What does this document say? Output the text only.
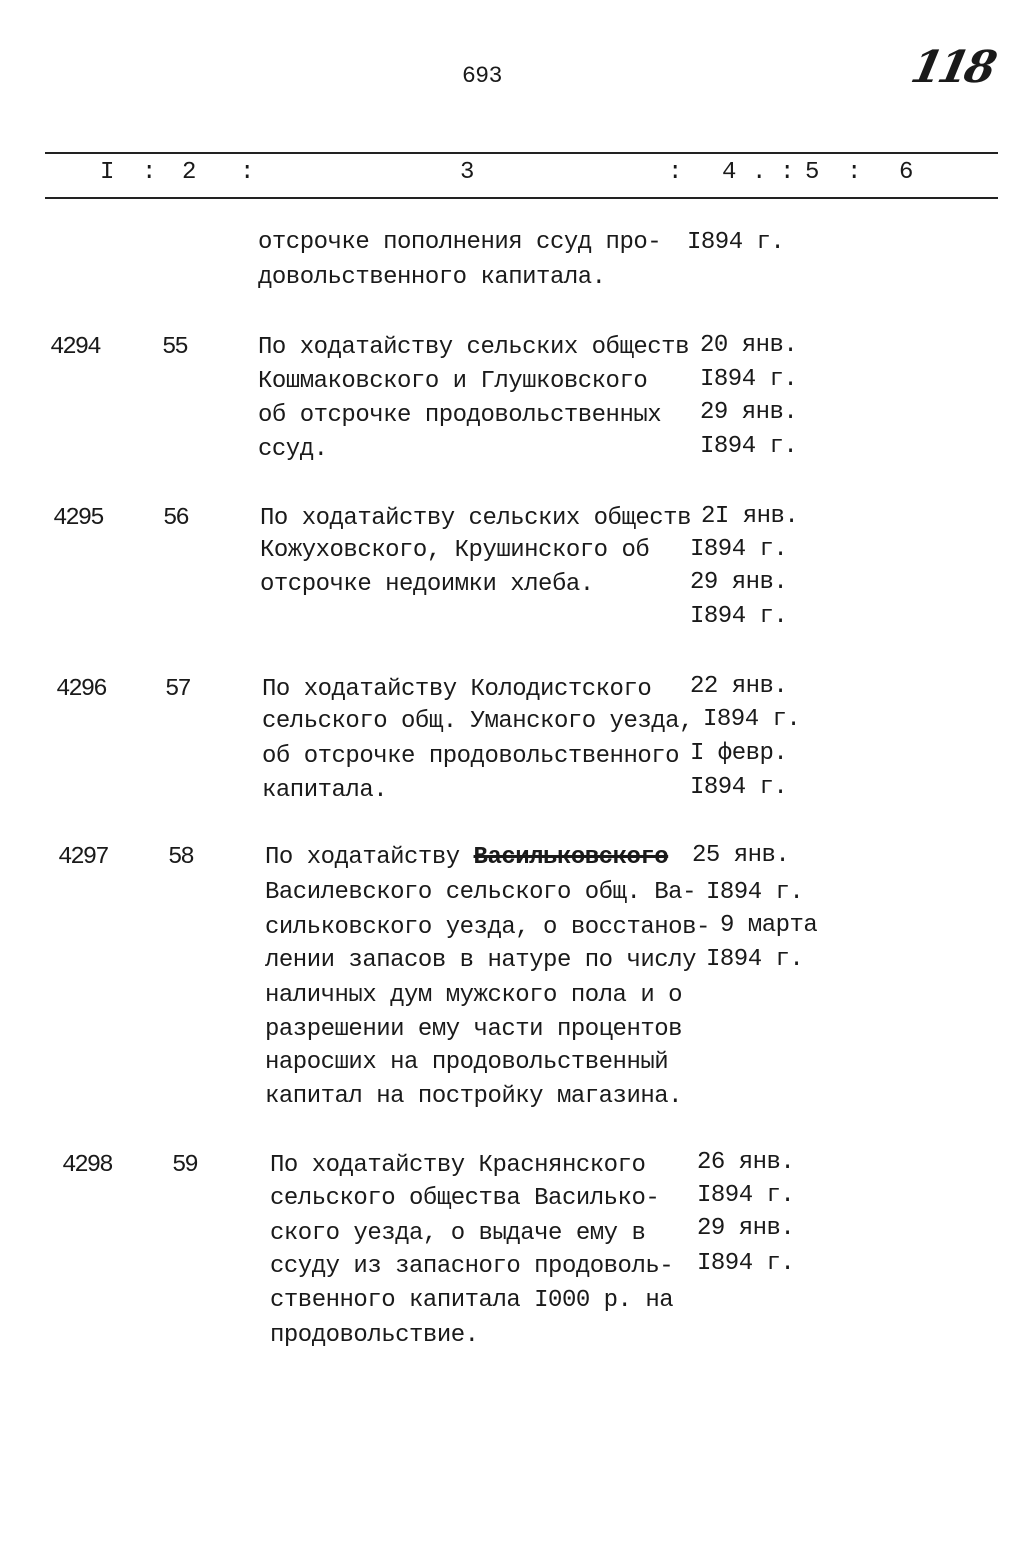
693	118
I : 2 :	3	: 4 . : 5 : 6
отсрочке пополнения ссуд про-
довольственного капитала.
I894 г.
4294	55	По ходатайству сельских обществ
Кошмаковского и Глушковского
об отсрочке продовольственных
ссуд.
20 янв.
I894 г.
29 янв.
I894 г.
4295	56	По ходатайству сельских обществ
Кожуховского, Крушинского об
отсрочке недоимки хлеба.
2I янв.
I894 г.
29 янв.
I894 г.
4296 57	По ходатайству Колодистского
сельского общ. Уманского уезда,
об отсрочке продовольственного
капитала.
22 янв.
I894 г.
I февр.
I894 г.
4297	58	По ходатайству Васильковского
Василевского сельского общ. Ва-
сильковского уезда, о восстанов-
лении запасов в натуре по числу
наличных дум мужского пола и о
разрешении ему части процентов
наросших на продовольственный
капитал на постройку магазина.
25 янв.
I894 г.
9 марта
I894 г.
4298	59	По ходатайству Краснянского
сельского общества Василько-
ского уезда, о выдаче ему в
ссуду из запасного продоволь-
ственного капитала I000 р. на
продовольствие.
26 янв.
I894 г.
29 янв.
I894 г.
